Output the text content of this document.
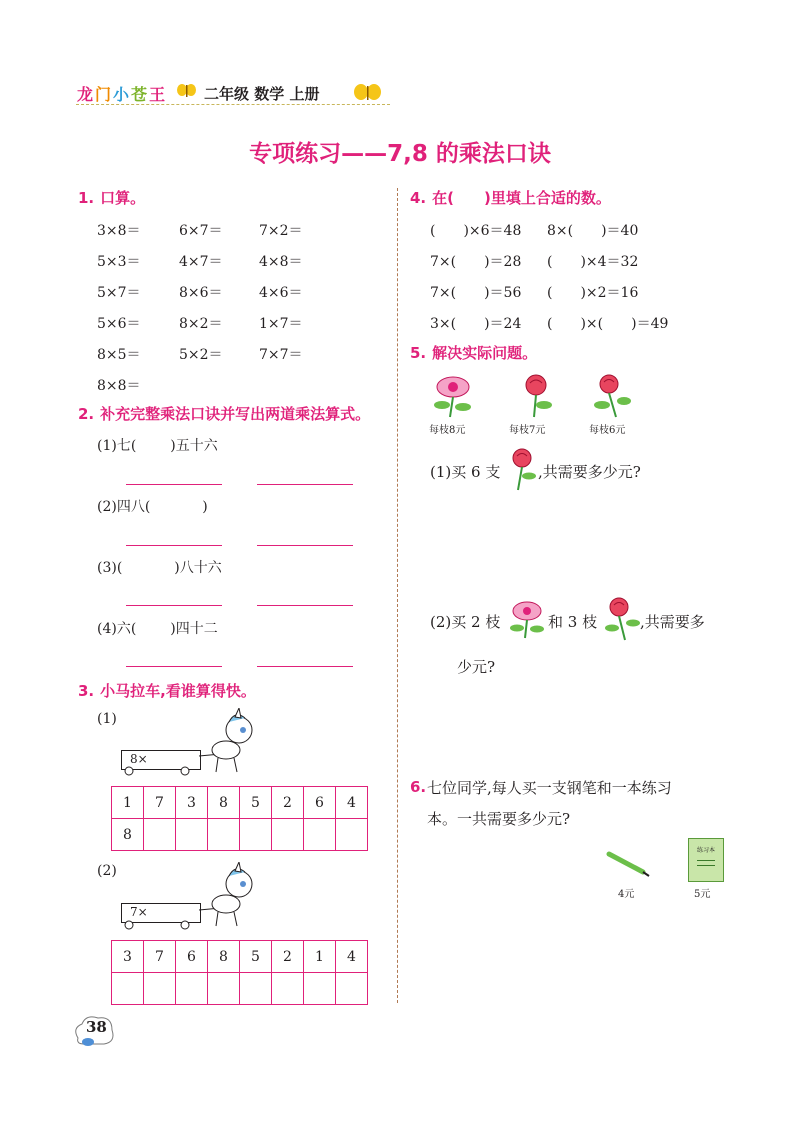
龙 门 小 苍 王	二年级 数学 上册
专项练习——7,8 的乘法口诀
1. 口算。
3×8＝	6×7＝	7×2＝
5×3＝	4×7＝	4×8＝
5×7＝	8×6＝	4×6＝
5×6＝	8×2＝	1×7＝
8×5＝	5×2＝	7×7＝
8×8＝
2. 补充完整乘法口诀并写出两道乘法算式。
(1)七( )五十六
(2)四八(	)
(3)(	)八十六
(4)六( )四十二
3. 小马拉车,看谁算得快。
(1)
8×
1	7	3	8	5	2	6	4
8							
(2)
7×
3	7	6	8	5	2	1	4

4. 在(　　)里填上合适的数。
(　　)×6＝48 8×(　　)＝40
7×(　　)＝28 (　　)×4＝32
7×(　　)＝56 (　　)×2＝16
3×(　　)＝24 (　　)×(　　)＝49
5. 解决实际问题。
每枝8元	每枝7元	每枝6元
(1)买 6 支	,共需要多少元?
(2)买 2 枝	和 3 枝	,共需要多
少元?
6. 七位同学,每人买一支钢笔和一本练习
本。一共需要多少元?
练习本
4元	5元
38
